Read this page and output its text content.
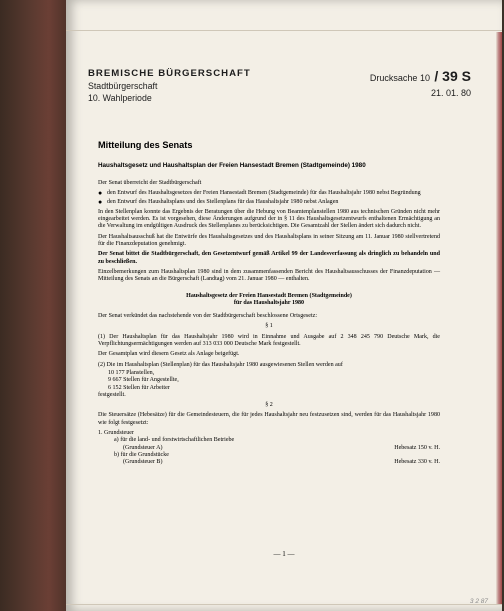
BREMISCHE BÜRGERSCHAFT
Stadtbürgerschaft
10. Wahlperiode
Drucksache 10 / 39 S
21. 01. 80
Mitteilung des Senats
Haushaltsgesetz und Haushaltsplan der Freien Hansestadt Bremen (Stadtgemeinde) 1980

Der Senat überreicht der Stadtbürgerschaft

● den Entwurf des Haushaltsgesetzes der Freien Hansestadt Bremen (Stadtgemeinde) für das Haushaltsjahr 1980 nebst Begründung
● den Entwurf des Haushaltsplans und des Stellenplans für das Haushaltsjahr 1980 nebst Anlagen

In den Stellenplan konnte das Ergebnis der Beratungen über die Hebung von Beamtenplanstellen 1980 aus technischen Gründen nicht mehr eingearbeitet werden. Es ist vorgesehen, diese Änderungen aufgrund der in § 11 des Haushaltsgesetzentwurfs enthaltenen Ermächtigung an die Verwaltung im endgültigen Ausdruck des Stellenplanes zu berücksichtigen. Die Gesamtzahl der Stellen ändert sich dadurch nicht.

Der Haushaltsausschuß hat die Entwürfe des Haushaltsgesetzes und des Haushaltsplans in seiner Sitzung am 11. Januar 1980 stellvertretend für die Finanzdeputation genehmigt.

Der Senat bittet die Stadtbürgerschaft, den Gesetzentwurf gemäß Artikel 99 der Landesverfassung als dringlich zu behandeln und zu beschließen.

Einzelbemerkungen zum Haushaltsplan 1980 sind in dem zusammenfassenden Bericht des Haushaltsausschusses der Finanzdeputation — Mitteilung des Senats an die Bürgerschaft (Landtag) vom 21. Januar 1980 — enthalten.

Haushaltsgesetz der Freien Hansestadt Bremen (Stadtgemeinde)
für das Haushaltsjahr 1980

Der Senat verkündet das nachstehende von der Stadtbürgerschaft beschlossene Ortsgesetz:

§ 1

(1) Der Haushaltsplan für das Haushaltsjahr 1980 wird in Einnahme und Ausgabe auf 2 348 245 790 Deutsche Mark, die Verpflichtungsermächtigungen werden auf 313 033 000 Deutsche Mark festgestellt.

Der Gesamtplan wird diesem Gesetz als Anlage beigefügt.

(2) Die im Haushaltsplan (Stellenplan) für das Haushaltsjahr 1980 ausgewiesenen Stellen werden auf

10 177 Planstellen,
9 667 Stellen für Angestellte,
6 152 Stellen für Arbeiter
festgestellt.
§ 2

Die Steuersätze (Hebesätze) für die Gemeindesteuern, die für jedes Haushaltsjahr neu festzusetzen sind, werden für das Haushaltsjahr 1980 wie folgt festgesetzt:

1. Grundsteuer
a) für die land- und forstwirtschaftlichen Betriebe
(Grundsteuer A)	Hebesatz 150 v. H.
b) für die Grundstücke
(Grundsteuer B)	Hebesatz 330 v. H.
— 1 —
3 2 87
